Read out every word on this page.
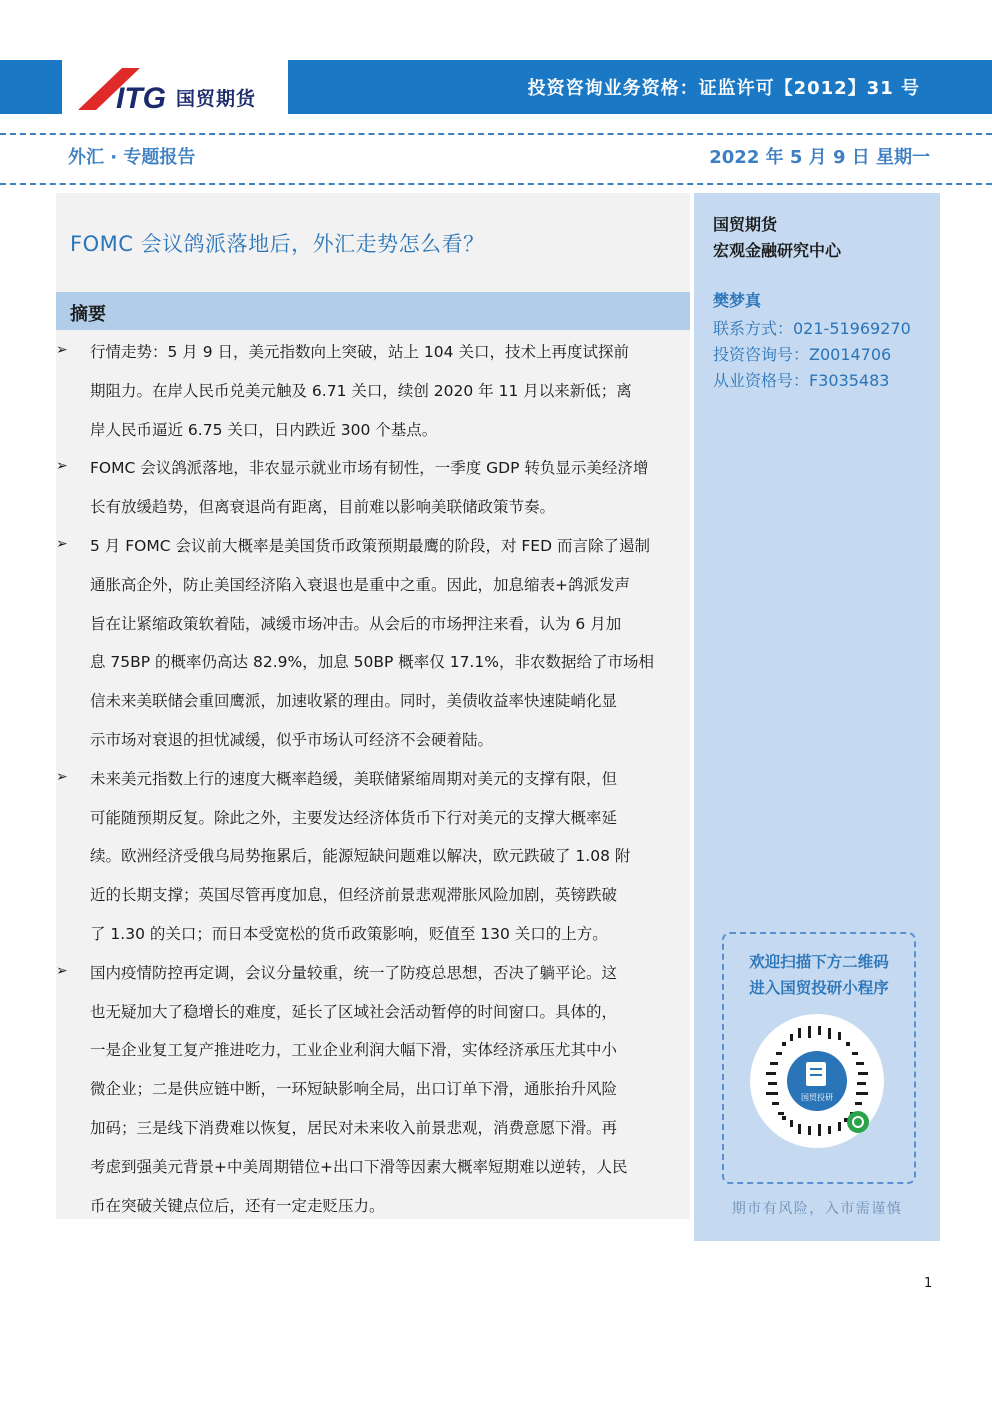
ITG 国贸期货	投资咨询业务资格：证监许可【2012】31 号
外汇 · 专题报告	2022 年 5 月 9 日 星期一
FOMC 会议鸽派落地后，外汇走势怎么看？
摘要
➢ 行情走势：5 月 9 日，美元指数向上突破，站上 104 关口，技术上再度试探前
期阻力。在岸人民币兑美元触及 6.71 关口，续创 2020 年 11 月以来新低；离
岸人民币逼近 6.75 关口，日内跌近 300 个基点。
➢ FOMC 会议鸽派落地，非农显示就业市场有韧性，一季度 GDP 转负显示美经济增
长有放缓趋势，但离衰退尚有距离，目前难以影响美联储政策节奏。
➢ 5 月 FOMC 会议前大概率是美国货币政策预期最鹰的阶段，对 FED 而言除了遏制
通胀高企外，防止美国经济陷入衰退也是重中之重。因此，加息缩表+鸽派发声
旨在让紧缩政策软着陆，减缓市场冲击。从会后的市场押注来看，认为 6 月加
息 75BP 的概率仍高达 82.9%，加息 50BP 概率仅 17.1%，非农数据给了市场相
信未来美联储会重回鹰派，加速收紧的理由。同时，美债收益率快速陡峭化显
示市场对衰退的担忧减缓，似乎市场认可经济不会硬着陆。
➢ 未来美元指数上行的速度大概率趋缓，美联储紧缩周期对美元的支撑有限，但
可能随预期反复。除此之外，主要发达经济体货币下行对美元的支撑大概率延
续。欧洲经济受俄乌局势拖累后，能源短缺问题难以解决，欧元跌破了 1.08 附
近的长期支撑；英国尽管再度加息，但经济前景悲观滞胀风险加剧，英镑跌破
了 1.30 的关口；而日本受宽松的货币政策影响，贬值至 130 关口的上方。
➢ 国内疫情防控再定调，会议分量较重，统一了防疫总思想，否决了躺平论。这
也无疑加大了稳增长的难度，延长了区域社会活动暂停的时间窗口。具体的，
一是企业复工复产推进吃力，工业企业利润大幅下滑，实体经济承压尤其中小
微企业；二是供应链中断，一环短缺影响全局，出口订单下滑，通胀抬升风险
加码；三是线下消费难以恢复，居民对未来收入前景悲观，消费意愿下滑。再
考虑到强美元背景+中美周期错位+出口下滑等因素大概率短期难以逆转，人民
币在突破关键点位后，还有一定走贬压力。
国贸期货
宏观金融研究中心
樊梦真
联系方式：021-51969270
投资咨询号：Z0014706
从业资格号：F3035483
欢迎扫描下方二维码
进入国贸投研小程序
国贸投研
期市有风险，入市需谨慎
1
